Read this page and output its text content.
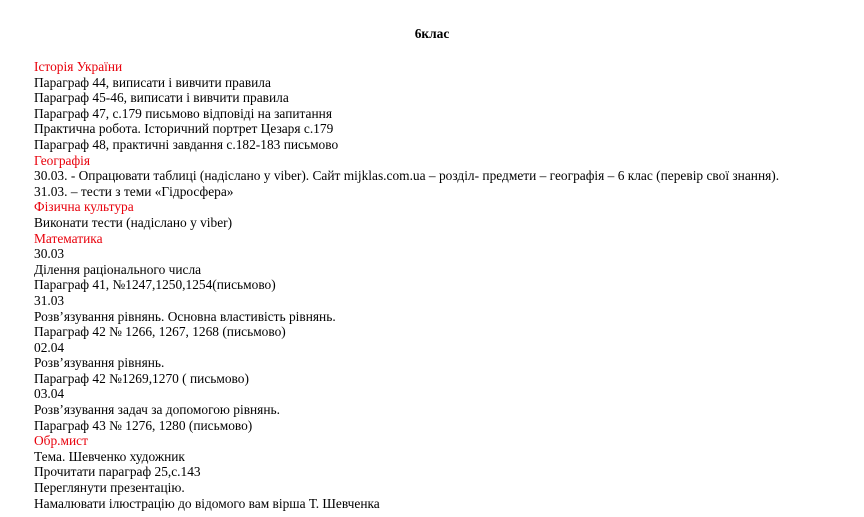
6клас
Історія України
Параграф 44, виписати і вивчити правила
Параграф 45-46, виписати і вивчити правила
Параграф 47, с.179 письмово відповіді на запитання
Практична робота. Історичний портрет Цезаря с.179
Параграф 48, практичні завдання с.182-183 письмово
Географія
30.03. - Опрацювати таблиці (надіслано у viber). Сайт mijklas.com.ua – розділ- предмети – географія – 6 клас (перевір свої знання).
31.03. – тести з теми «Гідросфера»
Фізична культура
Виконати тести (надіслано у viber)
Математика
30.03
Ділення раціонального числа
Параграф 41, №1247,1250,1254(письмово)
31.03
Розв’язування рівнянь. Основна властивість рівнянь.
Параграф 42 № 1266, 1267, 1268 (письмово)
02.04
Розв’язування рівнянь.
Параграф 42 №1269,1270 ( письмово)
03.04
Розв’язування задач за допомогою рівнянь.
Параграф 43 № 1276, 1280 (письмово)
Обр.мист
Тема. Шевченко художник
Прочитати параграф 25,с.143
Переглянути презентацію.
Намалювати ілюстрацію до відомого вам вірша Т. Шевченка
